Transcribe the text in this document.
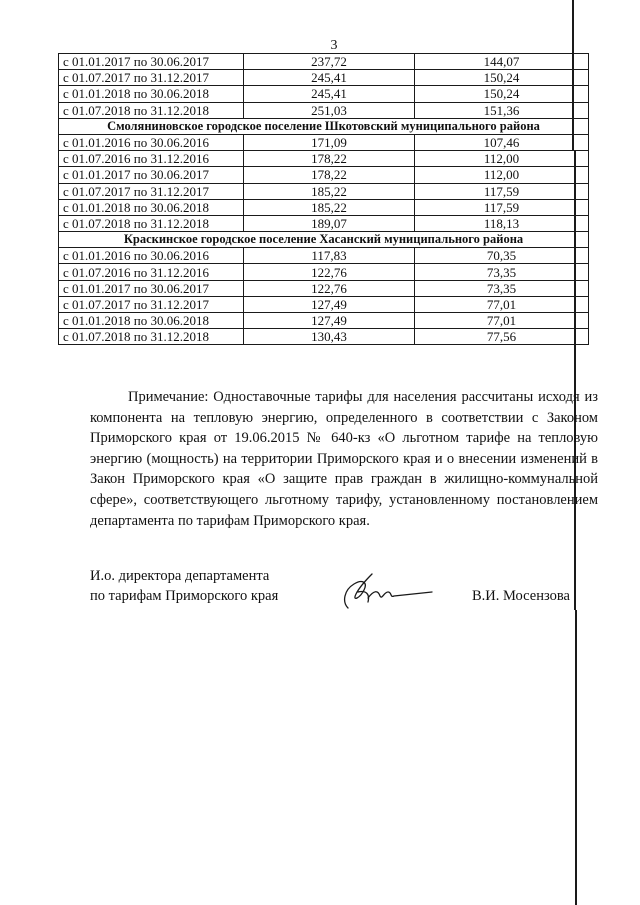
3
с 01.01.2017 по 30.06.2017	237,72	144,07
с 01.07.2017 по 31.12.2017	245,41	150,24
с 01.01.2018 по 30.06.2018	245,41	150,24
с 01.07.2018 по 31.12.2018	251,03	151,36
Смоляниновское городское поселение Шкотовский муниципального района		
с 01.01.2016 по 30.06.2016	171,09	107,46
с 01.07.2016 по 31.12.2016	178,22	112,00
с 01.01.2017 по 30.06.2017	178,22	112,00
с 01.07.2017 по 31.12.2017	185,22	117,59
с 01.01.2018 по 30.06.2018	185,22	117,59
с 01.07.2018 по 31.12.2018	189,07	118,13
Краскинское городское поселение Хасанский муниципального района		
с 01.01.2016 по 30.06.2016	117,83	70,35
с 01.07.2016 по 31.12.2016	122,76	73,35
с 01.01.2017 по 30.06.2017	122,76	73,35
с 01.07.2017 по 31.12.2017	127,49	77,01
с 01.01.2018 по 30.06.2018	127,49	77,01
с 01.07.2018 по 31.12.2018	130,43	77,56

Примечание: Одноставочные тарифы для населения рассчитаны исходя из компонента на тепловую энергию, определенного в соответствии с Законом Приморского края от 19.06.2015 № 640-кз «О льготном тарифе на тепловую энергию (мощность) на территории Приморского края и о внесении изменений в Закон Приморского края «О защите прав граждан в жилищно-коммунальной сфере», соответствующего льготному тарифу, установленному постановлением департамента по тарифам Приморского края.

И.о. директора департамента
по тарифам Приморского края	В.И. Мосензова
